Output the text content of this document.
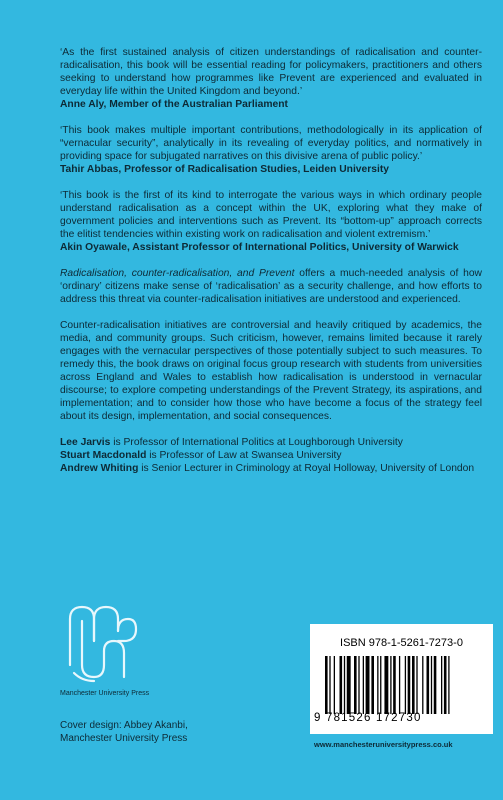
‘As the first sustained analysis of citizen understandings of radicalisation and counter-radicalisation, this book will be essential reading for policymakers, practitioners and others seeking to understand how programmes like Prevent are experienced and evaluated in everyday life within the United Kingdom and beyond.’
Anne Aly, Member of the Australian Parliament
‘This book makes multiple important contributions, methodologically in its application of “vernacular security”, analytically in its revealing of everyday politics, and normatively in providing space for subjugated narratives on this divisive arena of public policy.’
Tahir Abbas, Professor of Radicalisation Studies, Leiden University
‘This book is the first of its kind to interrogate the various ways in which ordinary people understand radicalisation as a concept within the UK, exploring what they make of government policies and interventions such as Prevent. Its “bottom-up” approach corrects the elitist tendencies within existing work on radicalisation and violent extremism.’
Akin Oyawale, Assistant Professor of International Politics, University of Warwick
Radicalisation, counter-radicalisation, and Prevent offers a much-needed analysis of how ‘ordinary’ citizens make sense of ‘radicalisation’ as a security challenge, and how efforts to address this threat via counter-radicalisation initiatives are understood and experienced.
Counter-radicalisation initiatives are controversial and heavily critiqued by academics, the media, and community groups. Such criticism, however, remains limited because it rarely engages with the vernacular perspectives of those potentially subject to such measures. To remedy this, the book draws on original focus group research with students from universities across England and Wales to establish how radicalisation is understood in vernacular discourse; to explore competing understandings of the Prevent Strategy, its aspirations, and implementation; and to consider how those who have become a focus of the strategy feel about its design, implementation, and social consequences.
Lee Jarvis is Professor of International Politics at Loughborough University
Stuart Macdonald is Professor of Law at Swansea University
Andrew Whiting is Senior Lecturer in Criminology at Royal Holloway, University of London
Manchester University Press
Cover design: Abbey Akanbi,
Manchester University Press
ISBN 978-1-5261-7273-0
9 781526 172730
www.manchesteruniversitypress.co.uk
